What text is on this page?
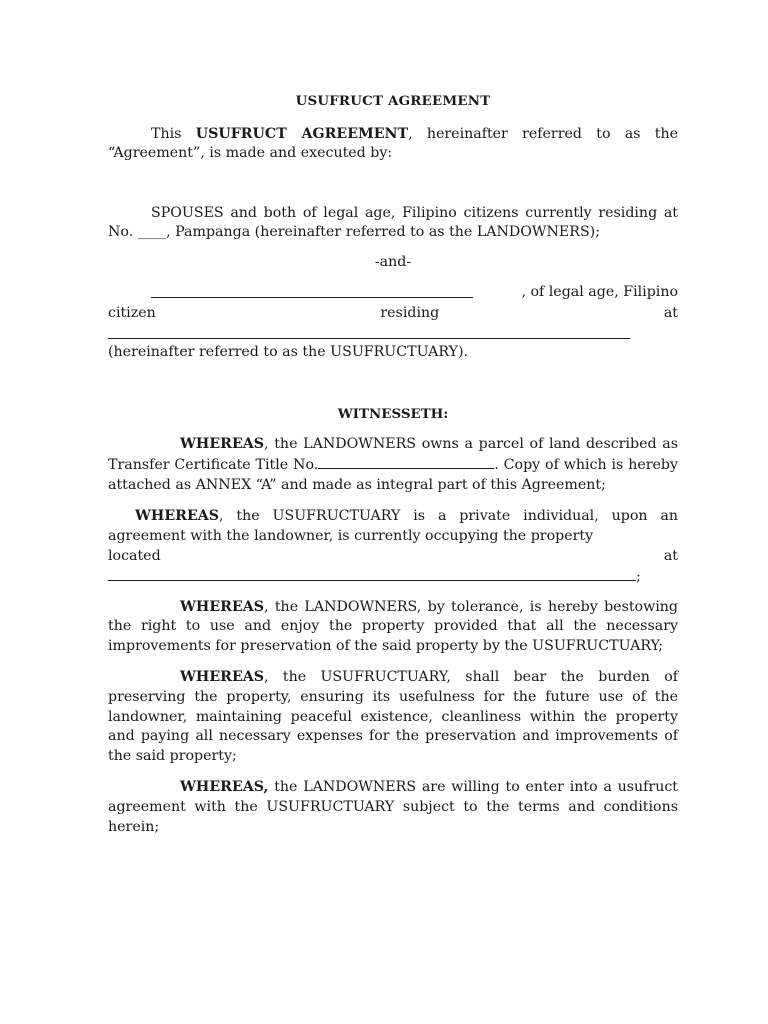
USUFRUCT AGREEMENT

This USUFRUCT AGREEMENT, hereinafter referred to as the “Agreement”, is made and executed by:

SPOUSES and both of legal age, Filipino citizens currently residing at No. ____, Pampanga (hereinafter referred to as the LANDOWNERS);

-and-

, of legal age, Filipino

citizen	residing	at

(hereinafter referred to as the USUFRUCTUARY).

WITNESSETH:

WHEREAS, the LANDOWNERS owns a parcel of land described as Transfer Certificate Title No.	. Copy of which is hereby attached as ANNEX “A” and made as integral part of this Agreement;

WHEREAS, the USUFRUCTUARY is a private individual, upon an agreement with the landowner, is currently occupying the property

located	at
;

WHEREAS, the LANDOWNERS, by tolerance, is hereby bestowing the right to use and enjoy the property provided that all the necessary improvements for preservation of the said property by the USUFRUCTUARY;

WHEREAS, the USUFRUCTUARY, shall bear the burden of preserving the property, ensuring its usefulness for the future use of the landowner, maintaining peaceful existence, cleanliness within the property and paying all necessary expenses for the preservation and improvements of the said property;

WHEREAS, the LANDOWNERS are willing to enter into a usufruct agreement with the USUFRUCTUARY subject to the terms and conditions herein;
